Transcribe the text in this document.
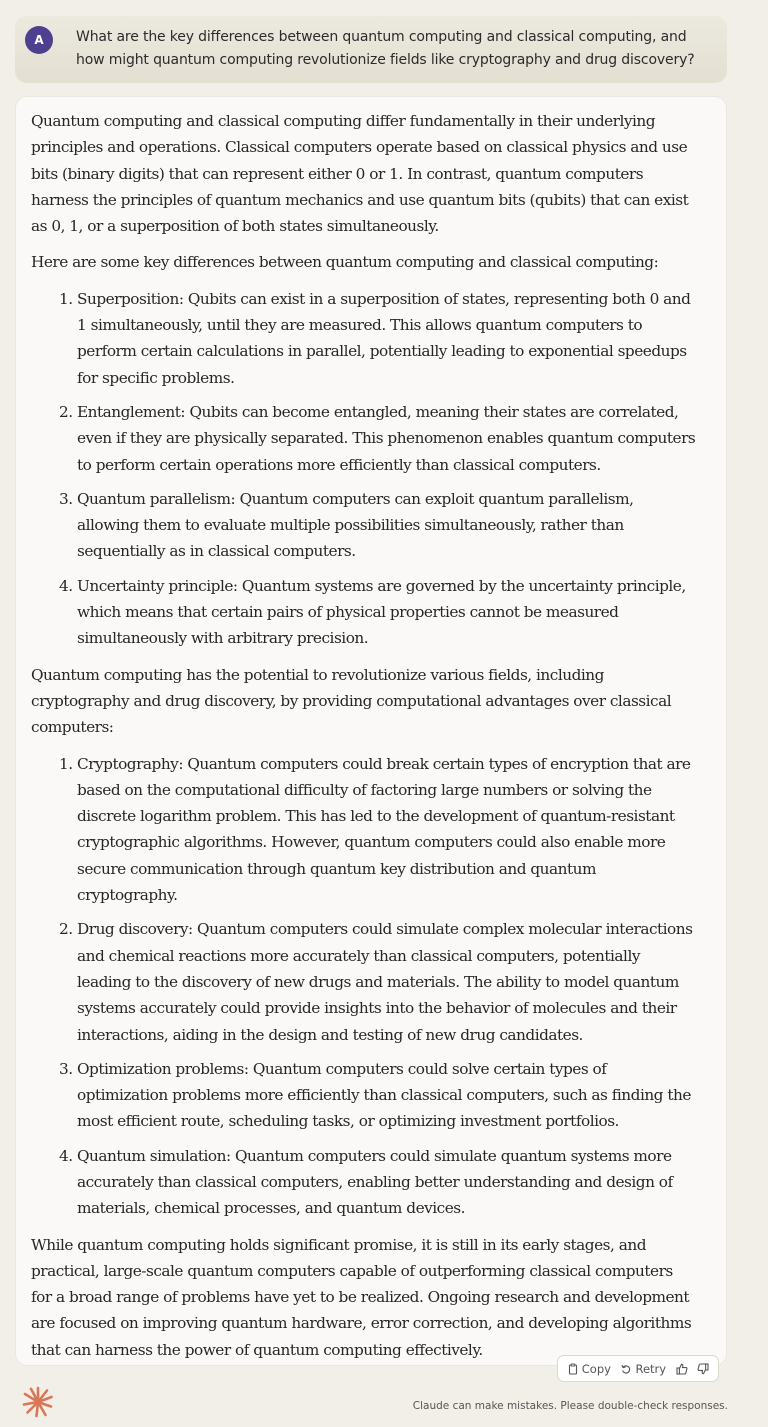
What are the key differences between quantum computing and classical computing, and how might quantum computing revolutionize fields like cryptography and drug discovery?
A

Quantum computing and classical computing differ fundamentally in their underlying principles and operations. Classical computers operate based on classical physics and use bits (binary digits) that can represent either 0 or 1. In contrast, quantum computers harness the principles of quantum mechanics and use quantum bits (qubits) that can exist as 0, 1, or a superposition of both states simultaneously.

Here are some key differences between quantum computing and classical computing:

1. Superposition: Qubits can exist in a superposition of states, representing both 0 and 1 simultaneously, until they are measured. This allows quantum computers to perform certain calculations in parallel, potentially leading to exponential speedups for specific problems.
2. Entanglement: Qubits can become entangled, meaning their states are correlated, even if they are physically separated. This phenomenon enables quantum computers to perform certain operations more efficiently than classical computers.
3. Quantum parallelism: Quantum computers can exploit quantum parallelism, allowing them to evaluate multiple possibilities simultaneously, rather than sequentially as in classical computers.
4. Uncertainty principle: Quantum systems are governed by the uncertainty principle, which means that certain pairs of physical properties cannot be measured simultaneously with arbitrary precision.

Quantum computing has the potential to revolutionize various fields, including cryptography and drug discovery, by providing computational advantages over classical computers:

1. Cryptography: Quantum computers could break certain types of encryption that are based on the computational difficulty of factoring large numbers or solving the discrete logarithm problem. This has led to the development of quantum-resistant cryptographic algorithms. However, quantum computers could also enable more secure communication through quantum key distribution and quantum cryptography.
2. Drug discovery: Quantum computers could simulate complex molecular interactions and chemical reactions more accurately than classical computers, potentially leading to the discovery of new drugs and materials. The ability to model quantum systems accurately could provide insights into the behavior of molecules and their interactions, aiding in the design and testing of new drug candidates.
3. Optimization problems: Quantum computers could solve certain types of optimization problems more efficiently than classical computers, such as finding the most efficient route, scheduling tasks, or optimizing investment portfolios.
4. Quantum simulation: Quantum computers could simulate quantum systems more accurately than classical computers, enabling better understanding and design of materials, chemical processes, and quantum devices.

While quantum computing holds significant promise, it is still in its early stages, and practical, large-scale quantum computers capable of outperforming classical computers for a broad range of problems have yet to be realized. Ongoing research and development are focused on improving quantum hardware, error correction, and developing algorithms that can harness the power of quantum computing effectively.

Copy Retry
Claude can make mistakes. Please double-check responses.
